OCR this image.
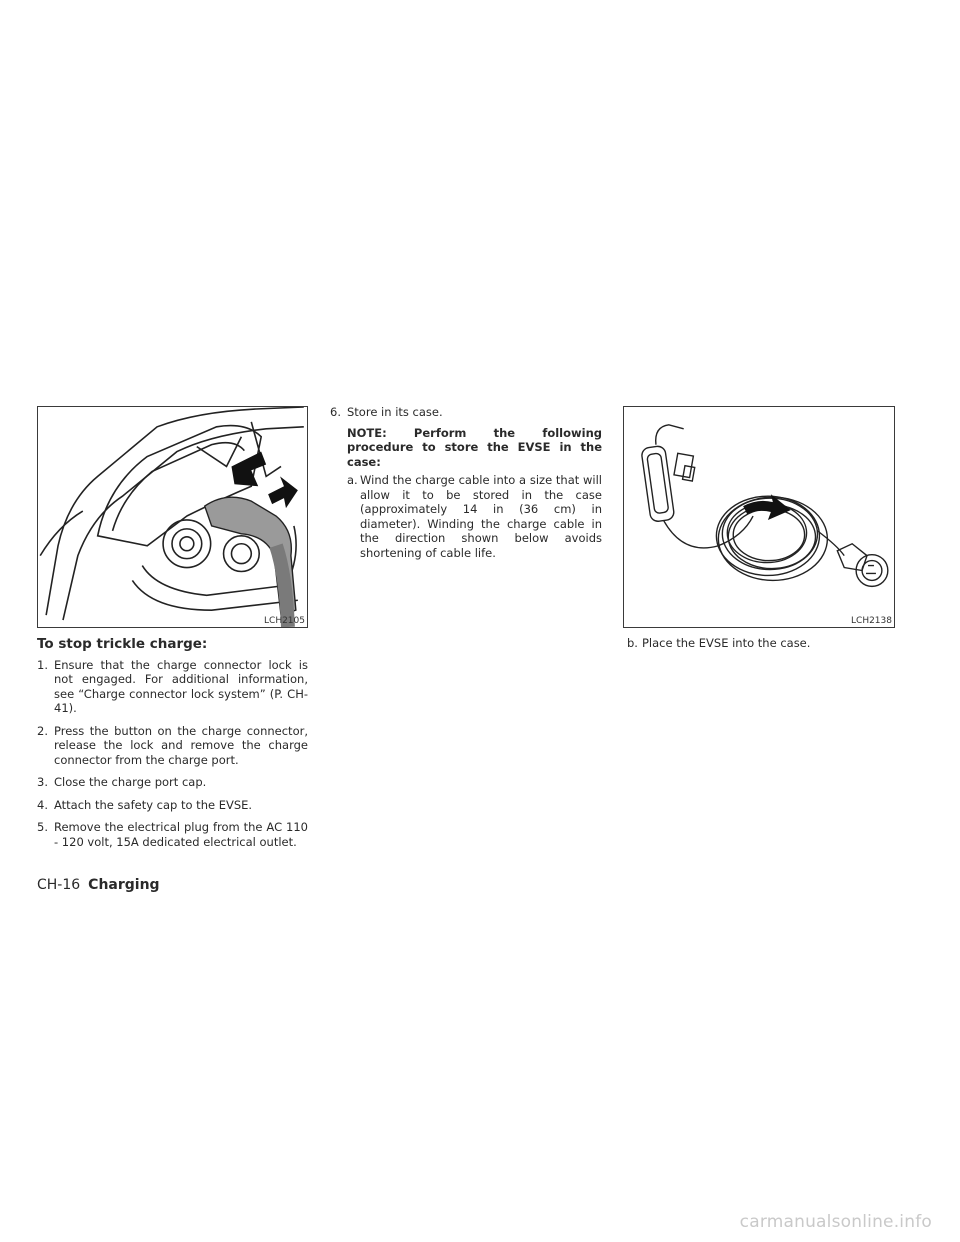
LCH2105	LCH2138
To stop trickle charge:
1. Ensure that the charge connector lock is not engaged. For additional information, see “Charge connector lock system” (P. CH-41).
2. Press the button on the charge connector, release the lock and remove the charge connector from the charge port.
3. Close the charge port cap.
4. Attach the safety cap to the EVSE.
5. Remove the electrical plug from the AC 110 - 120 volt, 15A dedicated electrical outlet.
6. Store in its case.
NOTE: Perform the following procedure to store the EVSE in the case:
a. Wind the charge cable into a size that will allow it to be stored in the case (approximately 14 in (36 cm) in diameter). Winding the charge cable in the direction shown below avoids shortening of cable life.
b. Place the EVSE into the case.
CH-16 Charging
carmanualsonline.info
